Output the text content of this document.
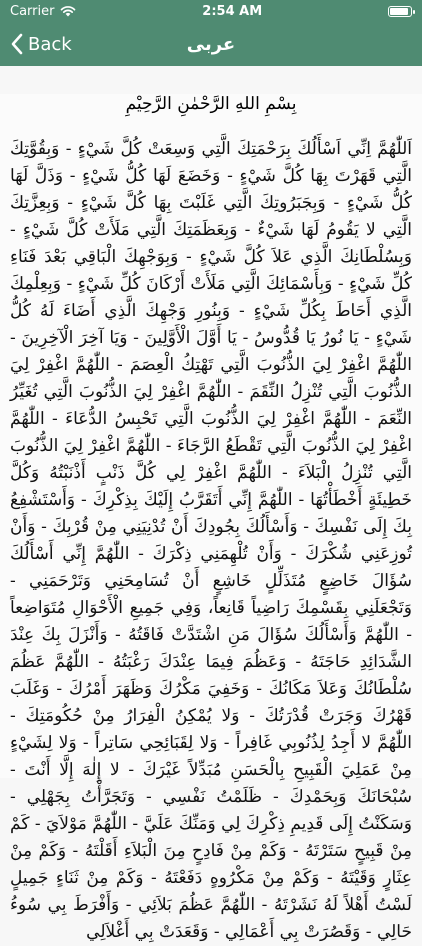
Carrier	2:54 AM
Back	عربی
بِسْمِ اللهِ الرَّحْمٰنِ الرَّحِيْمِ

اَللّٰهُمَّ اِنِّي اَسْأَلُكَ بِرَحْمَتِكَ الَّتِي وَسِعَتْ كُلَّ شَيْءٍ - وَبِقُوَّتِكَ الَّتِي قَهَرْتَ بِهَا كُلَّ شَيْءٍ - وَخَضَعَ لَهَا كُلُّ شَيْءٍ - وَذَلَّ لَهَا كُلُّ شَيْءٍ - وَبِجَبَرُوتِكَ الَّتِي غَلَبْتَ بِهَا كُلَّ شَيْءٍ - وَبِعِزَّتِكَ الَّتِي لا يَقُومُ لَهَا شَيْءٌ - وَبِعَظَمَتِكَ الَّتِي مَلَأَتْ كُلَّ شَيْءٍ - وَبِسُلْطَانِكَ الَّذِي عَلاَ كُلَّ شَيْءٍ - وَبِوَجْهِكَ الْبَاقِي بَعْدَ فَنَاءِ كُلِّ شَيْءٍ - وَبِأَسْمَائِكَ الَّتِي مَلَأَتْ أَرْكَانَ كُلِّ شَيْءٍ - وَبِعِلْمِكَ الَّذِي أَحَاطَ بِكُلِّ شَيْءٍ - وَبِنُورِ وَجْهِكَ الَّذِي أَضَاءَ لَهُ كُلُّ شَيْءٍ - يَا نُورُ يَا قُدُّوسُ - يَا أَوَّلَ الْأَوَّلِينَ - وَيَا آخِرَ الْآخِرِينَ - اللّٰهُمَّ اغْفِرْ لِيَ الذُّنُوبَ الَّتِي تَهْتِكُ الْعِصَمَ - اللّٰهُمَّ اغْفِرْ لِيَ الذُّنُوبَ الَّتِي تُنْزِلُ النِّقَمَ - اللّٰهُمَّ اغْفِرْ لِيَ الذُّنُوبَ الَّتِي تُغَيِّرُ النِّعَمَ - اللّٰهُمَّ اغْفِرْ لِيَ الذُّنُوبَ الَّتِي تَحْبِسُ الدُّعَاءَ - اللّٰهُمَّ اغْفِرْ لِيَ الذُّنُوبَ الَّتِي تَقْطَعُ الرَّجَاءَ - اللّٰهُمَّ اغْفِرْ لِيَ الذُّنُوبَ الَّتِي تُنْزِلُ الْبَلاَءَ - اللّٰهُمَّ اغْفِرْ لِي كُلَّ ذَنْبٍ أَذْنَبْتُهُ وَكُلَّ خَطِيئَةٍ أَخْطَأْتُهَا - اللّٰهُمَّ إِنِّي أَتَقَرَّبُ إِلَيْكَ بِذِكْرِكَ - وَأَسْتَشْفِعُ بِكَ إِلَى نَفْسِكَ - وَأَسْأَلُكَ بِجُودِكَ أَنْ تُدْنِيَنِي مِنْ قُرْبِكَ - وَأَنْ تُوزِعَنِي شُكْرَكَ - وَأَنْ تُلْهِمَنِي ذِكْرَكَ - اللّٰهُمَّ إِنِّي أَسْأَلُكَ سُؤَالَ خَاضِعٍ مُتَذَلِّلٍ خَاشِعٍ أَنْ تُسَامِحَنِي وَتَرْحَمَنِي - وَتَجْعَلَنِي بِقَسْمِكَ رَاضِياً قَانِعاً، وَفِي جَمِيعِ الْأَحْوَالِ مُتَوَاضِعاً - اللّٰهُمَّ وَأَسْأَلُكَ سُؤَالَ مَنِ اشْتَدَّتْ فَاقَتُهُ - وَأَنْزَلَ بِكَ عِنْدَ الشَّدَائِدِ حَاجَتَهُ - وَعَظُمَ فِيمَا عِنْدَكَ رَغْبَتُهُ - اللّٰهُمَّ عَظُمَ سُلْطَانُكَ وَعَلاَ مَكَانُكَ - وَخَفِيَ مَكْرُكَ وَظَهَرَ أَمْرُكَ - وَغَلَبَ قَهْرُكَ وَجَرَتْ قُدْرَتُكَ - وَلا يُمْكِنُ الْفِرَارُ مِنْ حُكُومَتِكَ - اللّٰهُمَّ لا أَجِدُ لِذُنُوبِي غَافِراً - وَلا لِقَبَائِحِي سَاتِراً - وَلا لِشَيْءٍ مِنْ عَمَلِيَ الْقَبِيحِ بِالْحَسَنِ مُبَدِّلاً غَيْرَكَ - لا إِلٰهَ إِلَّا أَنْتَ - سُبْحَانَكَ وَبِحَمْدِكَ - ظَلَمْتُ نَفْسِي - وَتَجَرَّأْتُ بِجَهْلِي - وَسَكَنْتُ إِلَى قَدِيمِ ذِكْرِكَ لِي وَمَنِّكَ عَلَيَّ - اللّٰهُمَّ مَوْلاَيَ - كَمْ مِنْ قَبِيحٍ سَتَرْتَهُ - وَكَمْ مِنْ فَادِحٍ مِنَ الْبَلاَءِ أَقَلْتَهُ - وَكَمْ مِنْ عِثَارٍ وَقَيْتَهُ - وَكَمْ مِنْ مَكْرُوهٍ دَفَعْتَهُ - وَكَمْ مِنْ ثَنَاءٍ جَمِيلٍ لَسْتُ أَهْلاً لَهُ نَشَرْتَهُ - اللّٰهُمَّ عَظُمَ بَلاَئِي - وَأَفْرَطَ بِي سُوءُ حَالِي - وَقَصُرَتْ بِي أَعْمَالِي - وَقَعَدَتْ بِي أَغْلاَلِي
